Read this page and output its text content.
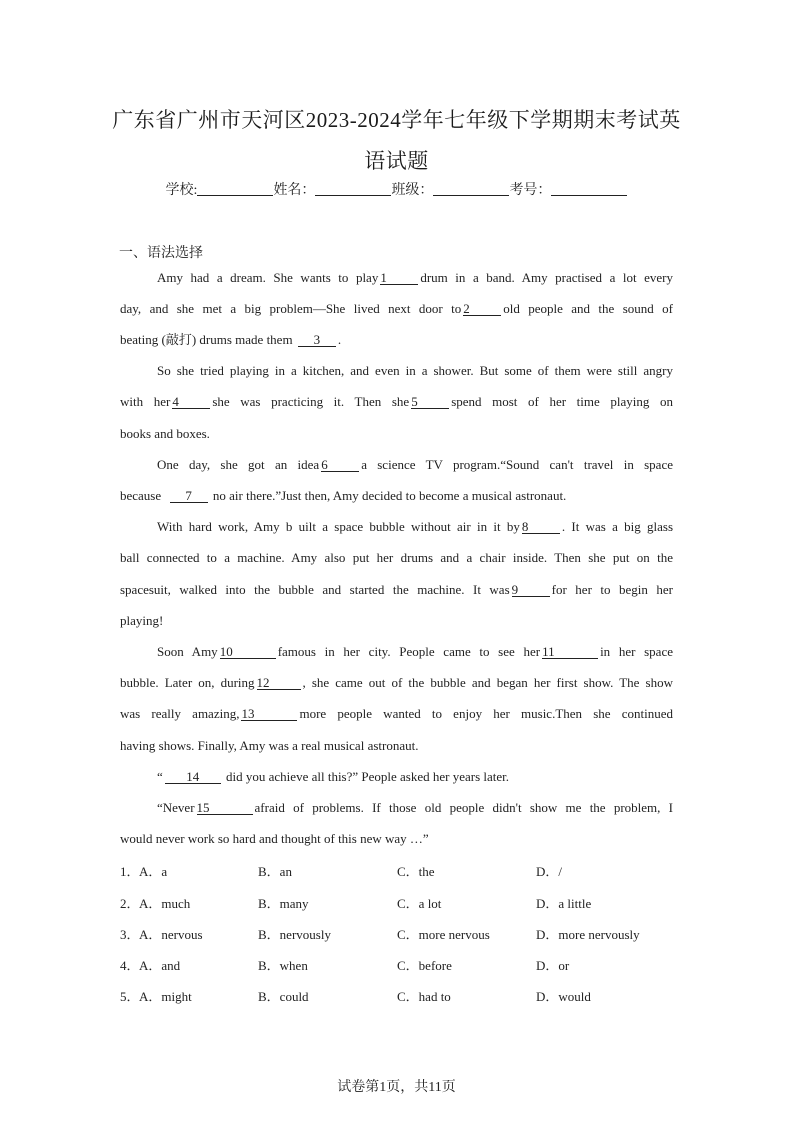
广东省广州市天河区2023-2024学年七年级下学期期末考试英
语试题
学校:	姓名：	班级：	考号：
一、语法选择
Amy had a dream. She wants to play 1	drum in a band. Amy practised a lot every
day, and she met a big problem—She lived next door to 2	old people and the sound of
beating (敲打) drums made them 3 .
So she tried playing in a kitchen, and even in a shower. But some of them were still angry
with her 4	she was practicing it. Then she 5	spend most of her time playing on
books and boxes.
One day, she got an idea 6	a science TV program.“Sound can't travel in space
because 7 no air there.”Just then, Amy decided to become a musical astronaut.
With hard work, Amy b uilt a space bubble without air in it by 8	. It was a big glass
ball connected to a machine. Amy also put her drums and a chair inside. Then she put on the
spacesuit, walked into the bubble and started the machine. It was 9	for her to begin her
playing!
Soon Amy 10	famous in her city. People came to see her 11	in her space
bubble. Later on, during 12	, she came out of the bubble and began her first show. The show
was really amazing, 13	more people wanted to enjoy her music.Then she continued
having shows. Finally, Amy was a real musical astronaut.
“ 14 did you achieve all this?” People asked her years later.
“Never 15	afraid of problems. If those old people didn't show me the problem, I
would never work so hard and thought of this new way …”
1． A．a	B．an	C．the	D．/
2． A．much	B．many	C．a lot	D．a little
3． A．nervous	B．nervously	C．more nervous	D．more nervously
4． A．and	B．when	C．before	D．or
5． A．might	B．could	C．had to	D．would
试卷第1页，共11页
